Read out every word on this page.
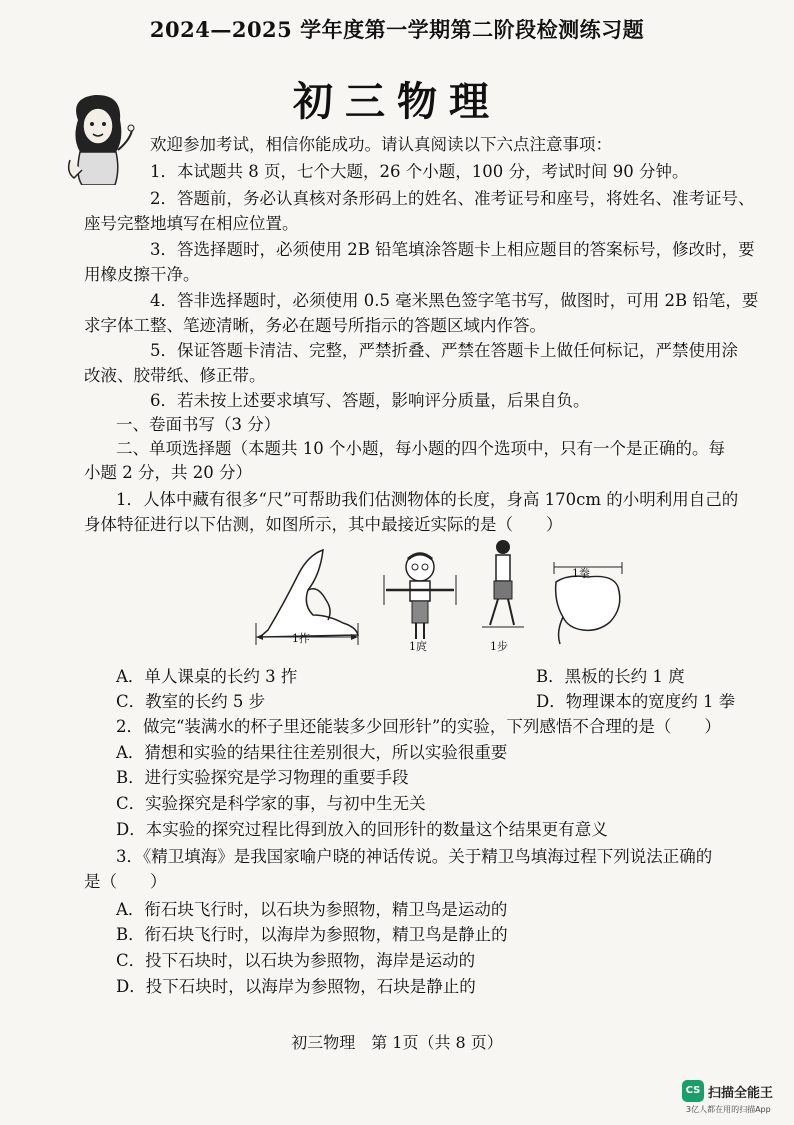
2024—2025 学年度第一学期第二阶段检测练习题
初三物理
欢迎参加考试，相信你能成功。请认真阅读以下六点注意事项：
1．本试题共 8 页，七个大题，26 个小题，100 分，考试时间 90 分钟。
2．答题前，务必认真核对条形码上的姓名、准考证号和座号，将姓名、准考证号、
座号完整地填写在相应位置。
3．答选择题时，必须使用 2B 铅笔填涂答题卡上相应题目的答案标号，修改时，要
用橡皮擦干净。
4．答非选择题时，必须使用 0.5 毫米黑色签字笔书写，做图时，可用 2B 铅笔，要
求字体工整、笔迹清晰，务必在题号所指示的答题区域内作答。
5．保证答题卡清洁、完整，严禁折叠、严禁在答题卡上做任何标记，严禁使用涂
改液、胶带纸、修正带。
6．若未按上述要求填写、答题，影响评分质量，后果自负。
一、卷面书写（3 分）
二、单项选择题（本题共 10 个小题，每小题的四个选项中，只有一个是正确的。每
小题 2 分，共 20 分）
1．人体中藏有很多“尺”可帮助我们估测物体的长度，身高 170cm 的小明利用自己的
身体特征进行以下估测，如图所示，其中最接近实际的是（　　）
1拃
1庹	1步
1拳
A．单人课桌的长约 3 拃	B．黑板的长约 1 庹
C．教室的长约 5 步	D．物理课本的宽度约 1 拳
2．做完“装满水的杯子里还能装多少回形针”的实验，下列感悟不合理的是（　　）
A．猜想和实验的结果往往差别很大，所以实验很重要
B．进行实验探究是学习物理的重要手段
C．实验探究是科学家的事，与初中生无关
D．本实验的探究过程比得到放入的回形针的数量这个结果更有意义
3．《精卫填海》是我国家喻户晓的神话传说。关于精卫鸟填海过程下列说法正确的
是（　　）
A．衔石块飞行时，以石块为参照物，精卫鸟是运动的
B．衔石块飞行时，以海岸为参照物，精卫鸟是静止的
C．投下石块时，以石块为参照物，海岸是运动的
D．投下石块时，以海岸为参照物，石块是静止的
初三物理　第 1页（共 8 页）
CS 扫描全能王
3亿人都在用的扫描App
